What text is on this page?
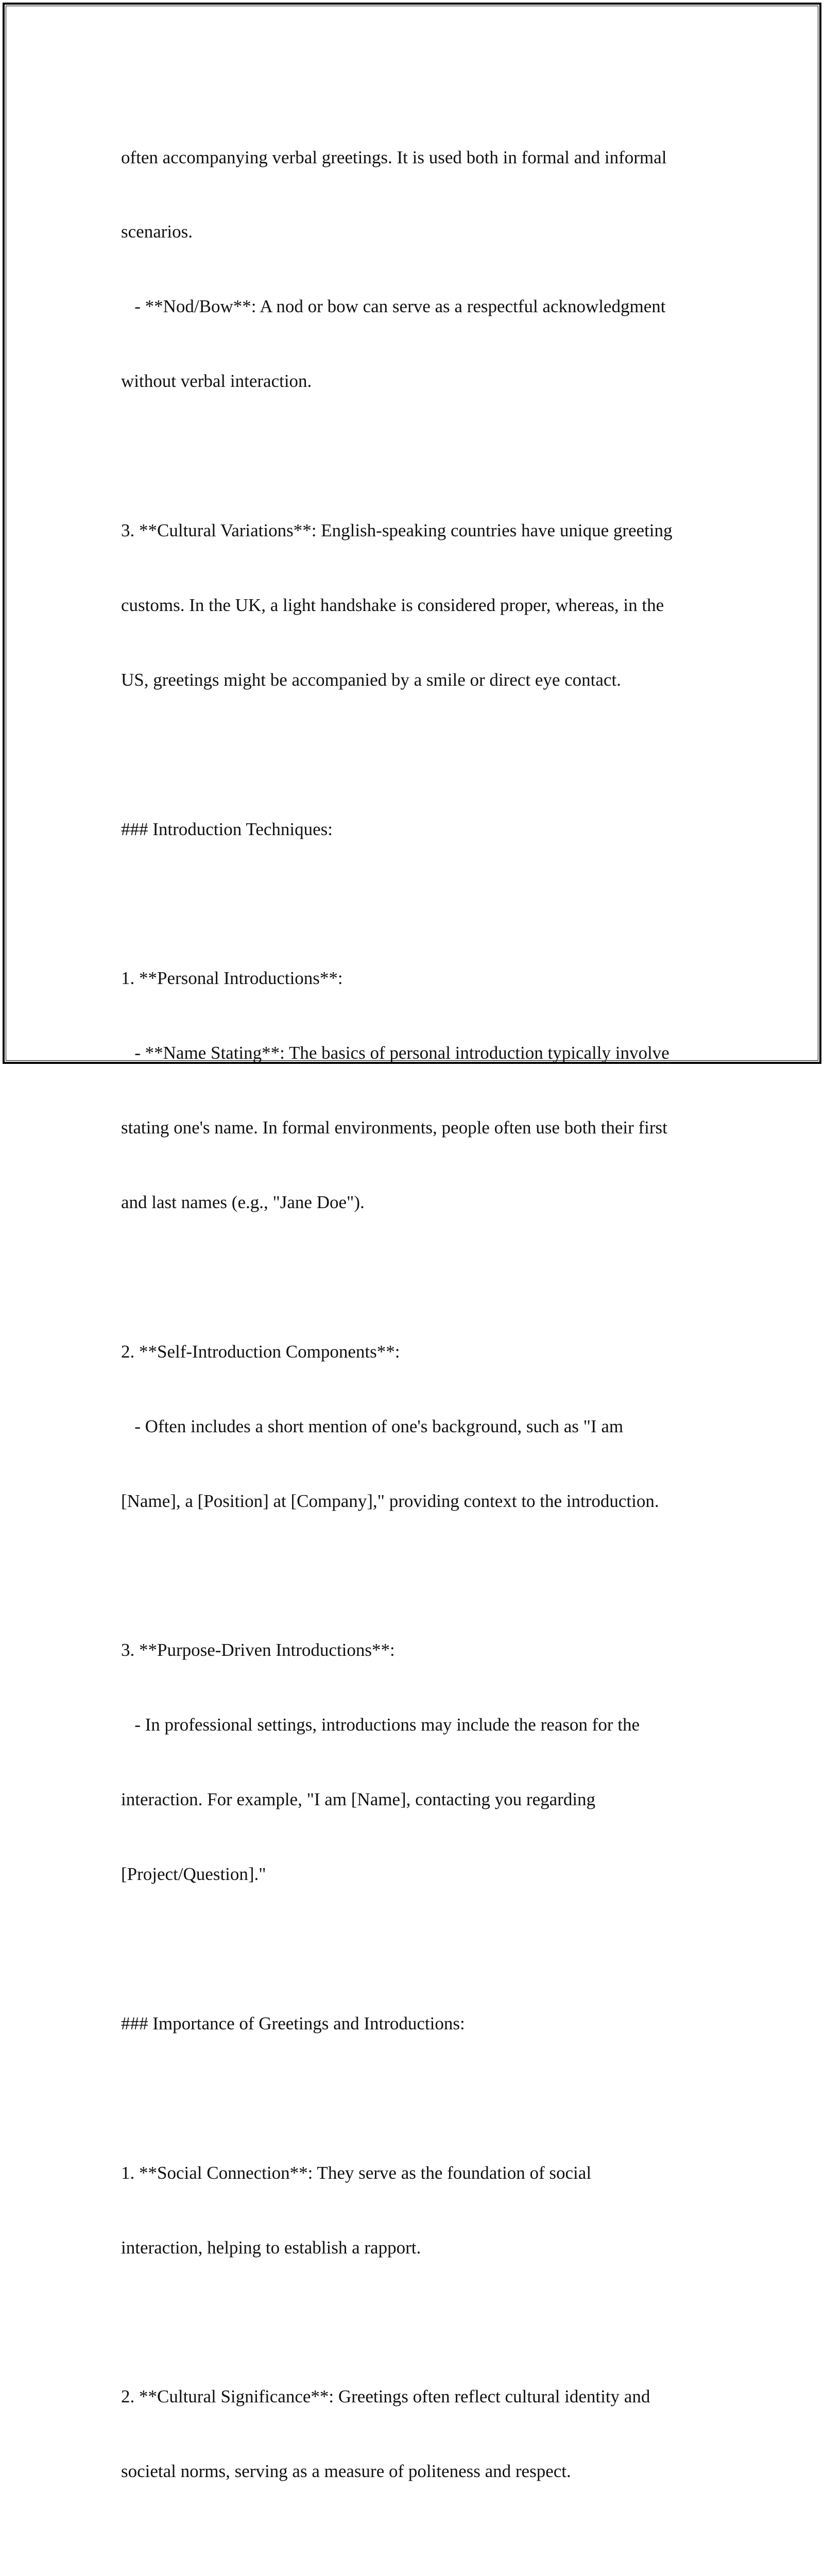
often accompanying verbal greetings. It is used both in formal and informal

scenarios.

- **Nod/Bow**: A nod or bow can serve as a respectful acknowledgment

without verbal interaction.

3. **Cultural Variations**: English-speaking countries have unique greeting

customs. In the UK, a light handshake is considered proper, whereas, in the

US, greetings might be accompanied by a smile or direct eye contact.

### Introduction Techniques:

1. **Personal Introductions**:

- **Name Stating**: The basics of personal introduction typically involve

stating one's name. In formal environments, people often use both their first

and last names (e.g., "Jane Doe").

2. **Self-Introduction Components**:

- Often includes a short mention of one's background, such as "I am

[Name], a [Position] at [Company]," providing context to the introduction.

3. **Purpose-Driven Introductions**:

- In professional settings, introductions may include the reason for the

interaction. For example, "I am [Name], contacting you regarding

[Project/Question]."

### Importance of Greetings and Introductions:

1. **Social Connection**: They serve as the foundation of social

interaction, helping to establish a rapport.

2. **Cultural Significance**: Greetings often reflect cultural identity and

societal norms, serving as a measure of politeness and respect.
